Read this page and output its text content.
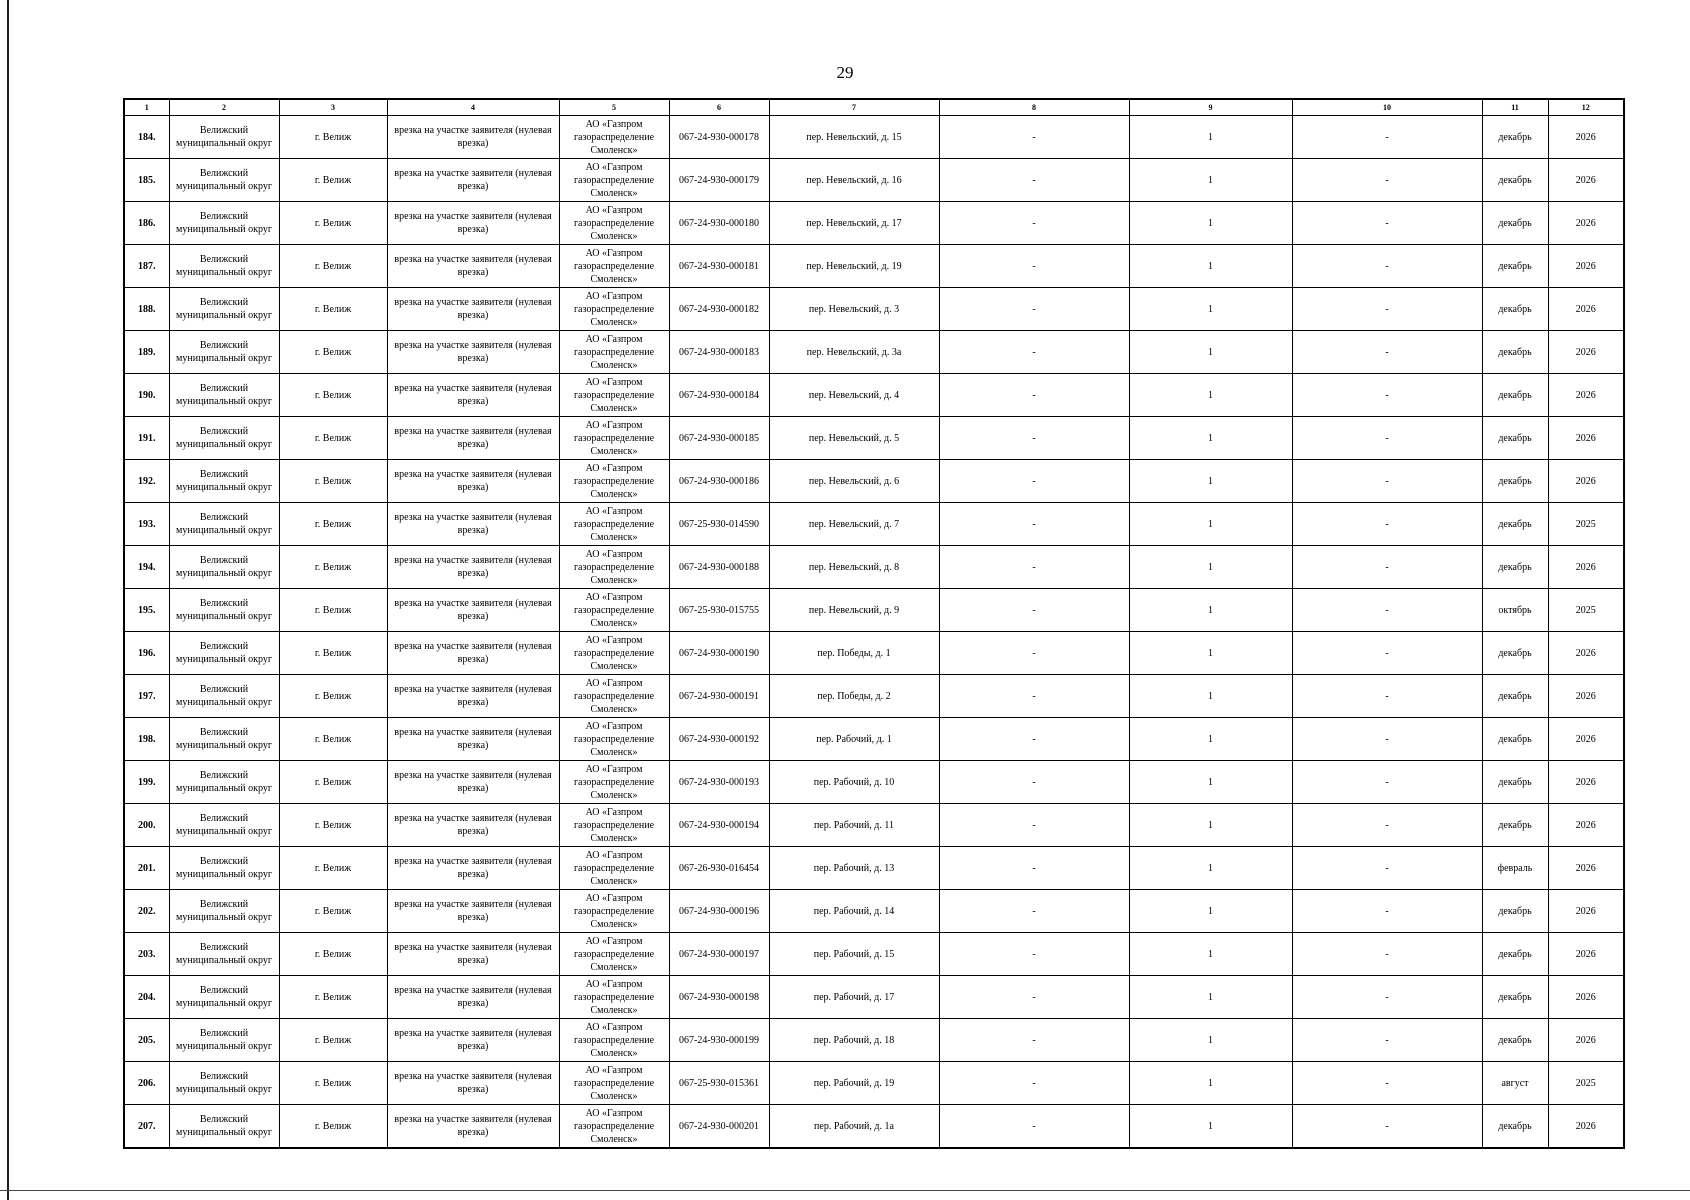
29
1	2	3	4	5	6	7	8	9	10	11	12
184.	Велижский муниципальный округ	г. Велиж	врезка на участке заявителя (нулевая врезка)	АО «Газпром газораспределение Смоленск»	067-24-930-000178	пер. Невельский, д. 15	-	1	-	декабрь	2026
185.	Велижский муниципальный округ	г. Велиж	врезка на участке заявителя (нулевая врезка)	АО «Газпром газораспределение Смоленск»	067-24-930-000179	пер. Невельский, д. 16	-	1	-	декабрь	2026
186.	Велижский муниципальный округ	г. Велиж	врезка на участке заявителя (нулевая врезка)	АО «Газпром газораспределение Смоленск»	067-24-930-000180	пер. Невельский, д. 17	-	1	-	декабрь	2026
187.	Велижский муниципальный округ	г. Велиж	врезка на участке заявителя (нулевая врезка)	АО «Газпром газораспределение Смоленск»	067-24-930-000181	пер. Невельский, д. 19	-	1	-	декабрь	2026
188.	Велижский муниципальный округ	г. Велиж	врезка на участке заявителя (нулевая врезка)	АО «Газпром газораспределение Смоленск»	067-24-930-000182	пер. Невельский, д. 3	-	1	-	декабрь	2026
189.	Велижский муниципальный округ	г. Велиж	врезка на участке заявителя (нулевая врезка)	АО «Газпром газораспределение Смоленск»	067-24-930-000183	пер. Невельский, д. 3а	-	1	-	декабрь	2026
190.	Велижский муниципальный округ	г. Велиж	врезка на участке заявителя (нулевая врезка)	АО «Газпром газораспределение Смоленск»	067-24-930-000184	пер. Невельский, д. 4	-	1	-	декабрь	2026
191.	Велижский муниципальный округ	г. Велиж	врезка на участке заявителя (нулевая врезка)	АО «Газпром газораспределение Смоленск»	067-24-930-000185	пер. Невельский, д. 5	-	1	-	декабрь	2026
192.	Велижский муниципальный округ	г. Велиж	врезка на участке заявителя (нулевая врезка)	АО «Газпром газораспределение Смоленск»	067-24-930-000186	пер. Невельский, д. 6	-	1	-	декабрь	2026
193.	Велижский муниципальный округ	г. Велиж	врезка на участке заявителя (нулевая врезка)	АО «Газпром газораспределение Смоленск»	067-25-930-014590	пер. Невельский, д. 7	-	1	-	декабрь	2025
194.	Велижский муниципальный округ	г. Велиж	врезка на участке заявителя (нулевая врезка)	АО «Газпром газораспределение Смоленск»	067-24-930-000188	пер. Невельский, д. 8	-	1	-	декабрь	2026
195.	Велижский муниципальный округ	г. Велиж	врезка на участке заявителя (нулевая врезка)	АО «Газпром газораспределение Смоленск»	067-25-930-015755	пер. Невельский, д. 9	-	1	-	октябрь	2025
196.	Велижский муниципальный округ	г. Велиж	врезка на участке заявителя (нулевая врезка)	АО «Газпром газораспределение Смоленск»	067-24-930-000190	пер. Победы, д. 1	-	1	-	декабрь	2026
197.	Велижский муниципальный округ	г. Велиж	врезка на участке заявителя (нулевая врезка)	АО «Газпром газораспределение Смоленск»	067-24-930-000191	пер. Победы, д. 2	-	1	-	декабрь	2026
198.	Велижский муниципальный округ	г. Велиж	врезка на участке заявителя (нулевая врезка)	АО «Газпром газораспределение Смоленск»	067-24-930-000192	пер. Рабочий, д. 1	-	1	-	декабрь	2026
199.	Велижский муниципальный округ	г. Велиж	врезка на участке заявителя (нулевая врезка)	АО «Газпром газораспределение Смоленск»	067-24-930-000193	пер. Рабочий, д. 10	-	1	-	декабрь	2026
200.	Велижский муниципальный округ	г. Велиж	врезка на участке заявителя (нулевая врезка)	АО «Газпром газораспределение Смоленск»	067-24-930-000194	пер. Рабочий, д. 11	-	1	-	декабрь	2026
201.	Велижский муниципальный округ	г. Велиж	врезка на участке заявителя (нулевая врезка)	АО «Газпром газораспределение Смоленск»	067-26-930-016454	пер. Рабочий, д. 13	-	1	-	февраль	2026
202.	Велижский муниципальный округ	г. Велиж	врезка на участке заявителя (нулевая врезка)	АО «Газпром газораспределение Смоленск»	067-24-930-000196	пер. Рабочий, д. 14	-	1	-	декабрь	2026
203.	Велижский муниципальный округ	г. Велиж	врезка на участке заявителя (нулевая врезка)	АО «Газпром газораспределение Смоленск»	067-24-930-000197	пер. Рабочий, д. 15	-	1	-	декабрь	2026
204.	Велижский муниципальный округ	г. Велиж	врезка на участке заявителя (нулевая врезка)	АО «Газпром газораспределение Смоленск»	067-24-930-000198	пер. Рабочий, д. 17	-	1	-	декабрь	2026
205.	Велижский муниципальный округ	г. Велиж	врезка на участке заявителя (нулевая врезка)	АО «Газпром газораспределение Смоленск»	067-24-930-000199	пер. Рабочий, д. 18	-	1	-	декабрь	2026
206.	Велижский муниципальный округ	г. Велиж	врезка на участке заявителя (нулевая врезка)	АО «Газпром газораспределение Смоленск»	067-25-930-015361	пер. Рабочий, д. 19	-	1	-	август	2025
207.	Велижский муниципальный округ	г. Велиж	врезка на участке заявителя (нулевая врезка)	АО «Газпром газораспределение Смоленск»	067-24-930-000201	пер. Рабочий, д. 1а	-	1	-	декабрь	2026
